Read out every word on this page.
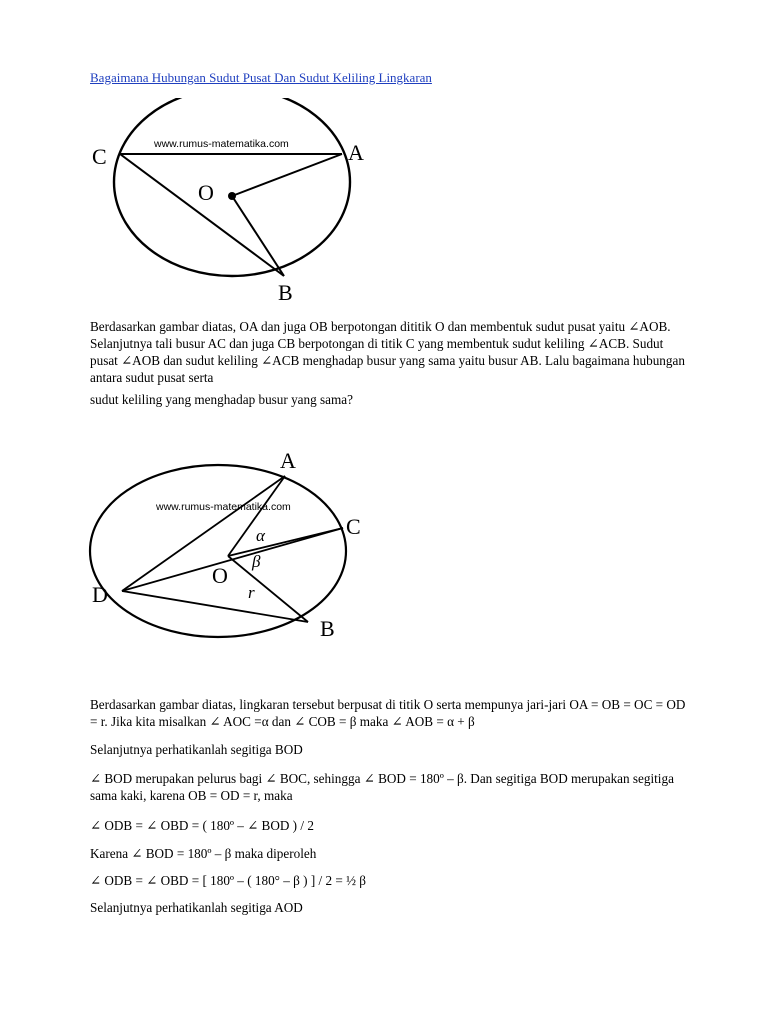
Bagaimana Hubungan Sudut Pusat Dan Sudut Keliling Lingkaran
www.rumus-matematika.com
C	A
O
B

Berdasarkan gambar diatas, OA dan juga OB berpotongan dititik O dan membentuk sudut pusat yaitu ∠AOB. Selanjutnya tali busur AC dan juga CB berpotongan di titik C yang membentuk sudut keliling ∠ACB. Sudut pusat ∠AOB dan sudut keliling ∠ACB menghadap busur yang sama yaitu busur AB. Lalu bagaimana hubungan antara sudut pusat serta

sudut keliling yang menghadap busur yang sama?

www.rumus-matematika.com
A
C
D
O
B
α
β
r

Berdasarkan gambar diatas, lingkaran tersebut berpusat di titik O serta mempunya jari-jari OA = OB = OC = OD = r. Jika kita misalkan ∠ AOC =α dan ∠ COB = β maka ∠ AOB = α + β

Selanjutnya perhatikanlah segitiga BOD

∠ BOD merupakan pelurus bagi ∠ BOC, sehingga ∠ BOD = 180º – β. Dan segitiga BOD merupakan segitiga sama kaki, karena OB = OD = r, maka

∠ ODB = ∠ OBD = ( 180º – ∠ BOD ) / 2

Karena ∠ BOD = 180º – β maka diperoleh

∠ ODB = ∠ OBD = [ 180º – ( 180° – β ) ] / 2 = ½ β

Selanjutnya perhatikanlah segitiga AOD
